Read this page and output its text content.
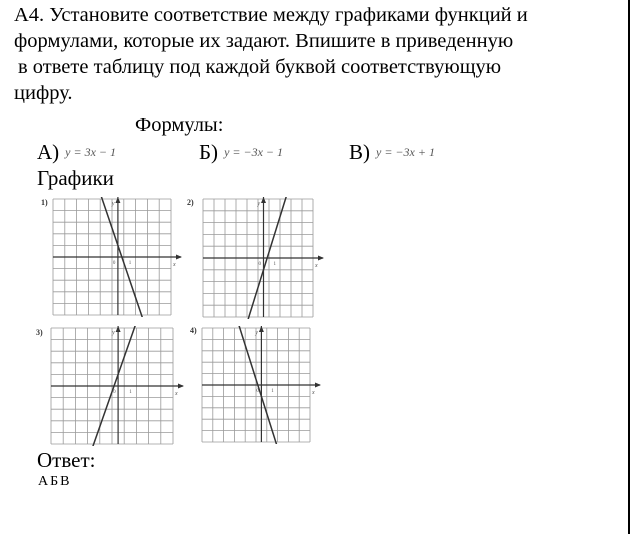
А4. Установите соответствие между графиками функций и
формулами, которые их задают. Впишите в приведенную
в ответе таблицу под каждой буквой соответствующую
цифру.
Формулы:
А) y = 3x − 1	Б) y = −3x − 1	В) y = −3x + 1
Графики
1)	2)
3)	4)
x
y
0	1	x
y
0	1
x
y
0	1	x
y
0 1
Ответ:
АБВ
